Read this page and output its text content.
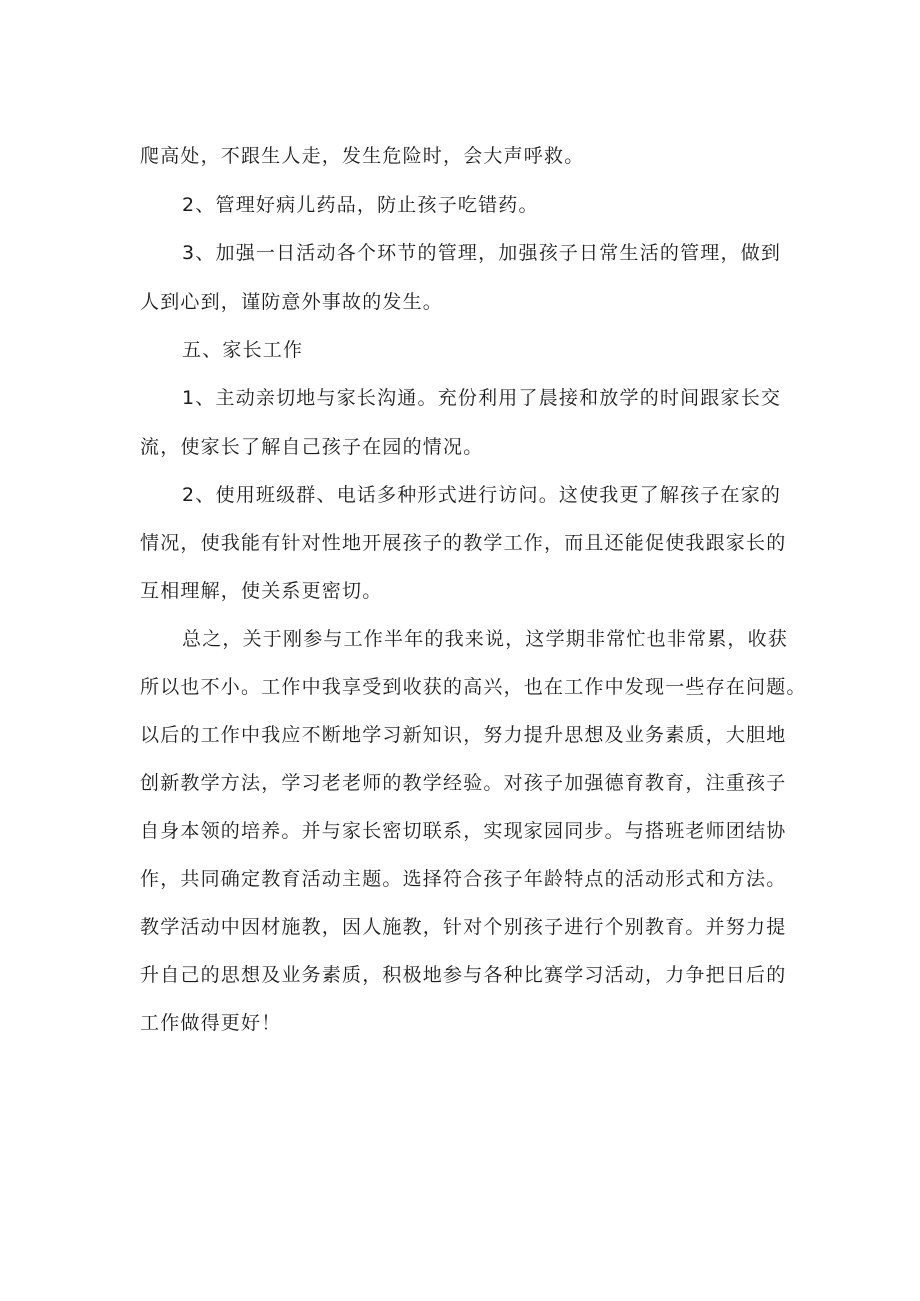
爬高处，不跟生人走，发生危险时，会大声呼救。
2、管理好病儿药品，防止孩子吃错药。
3、加强一日活动各个环节的管理，加强孩子日常生活的管理，做到
人到心到，谨防意外事故的发生。
五、家长工作
1、主动亲切地与家长沟通。充份利用了晨接和放学的时间跟家长交
流，使家长了解自己孩子在园的情况。
2、使用班级群、电话多种形式进行访问。这使我更了解孩子在家的
情况，使我能有针对性地开展孩子的教学工作，而且还能促使我跟家长的
互相理解，使关系更密切。
总之，关于刚参与工作半年的我来说，这学期非常忙也非常累，收获
所以也不小。工作中我享受到收获的高兴，也在工作中发现一些存在问题。
以后的工作中我应不断地学习新知识，努力提升思想及业务素质，大胆地
创新教学方法，学习老老师的教学经验。对孩子加强德育教育，注重孩子
自身本领的培养。并与家长密切联系，实现家园同步。与搭班老师团结协
作，共同确定教育活动主题。选择符合孩子年龄特点的活动形式和方法。
教学活动中因材施教，因人施教，针对个别孩子进行个别教育。并努力提
升自己的思想及业务素质，积极地参与各种比赛学习活动，力争把日后的
工作做得更好！
